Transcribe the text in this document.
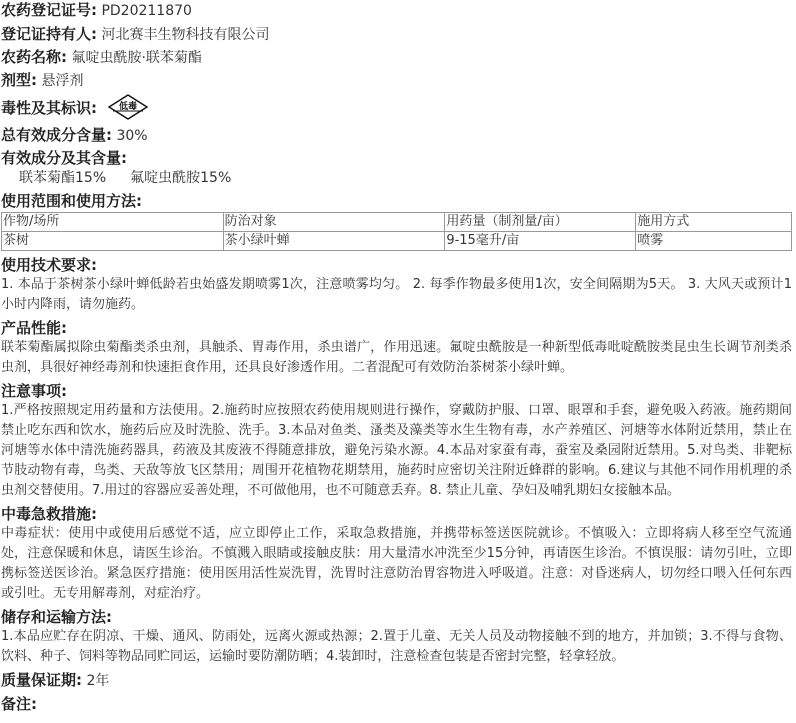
农药登记证号: PD20211870
登记证持有人: 河北赛丰生物科技有限公司
农药名称: 氟啶虫酰胺·联苯菊酯
剂型: 悬浮剂
毒性及其标识:	低毒
总有效成分含量: 30%
有效成分及其含量:
联苯菊酯15% 氟啶虫酰胺15%
使用范围和使用方法:
作物/场所	防治对象	用药量（制剂量/亩）	施用方式
茶树	茶小绿叶蝉	9-15毫升/亩	喷雾
使用技术要求:
1. 本品于茶树茶小绿叶蝉低龄若虫始盛发期喷雾1次，注意喷雾均匀。 2. 每季作物最多使用1次，安全间隔期为5天。 3. 大风天或预计1小时内降雨，请勿施药。
产品性能:
联苯菊酯属拟除虫菊酯类杀虫剂，具触杀、胃毒作用，杀虫谱广，作用迅速。氟啶虫酰胺是一种新型低毒吡啶酰胺类昆虫生长调节剂类杀虫剂，具很好神经毒剂和快速拒食作用，还具良好渗透作用。二者混配可有效防治茶树茶小绿叶蝉。
注意事项:
1.严格按照规定用药量和方法使用。2.施药时应按照农药使用规则进行操作，穿戴防护服、口罩、眼罩和手套，避免吸入药液。施药期间禁止吃东西和饮水，施药后应及时洗脸、洗手。3.本品对鱼类、溞类及藻类等水生生物有毒，水产养殖区、河塘等水体附近禁用，禁止在河塘等水体中清洗施药器具，药液及其废液不得随意排放，避免污染水源。4.本品对家蚕有毒，蚕室及桑园附近禁用。5.对鸟类、非靶标节肢动物有毒，鸟类、天敌等放飞区禁用；周围开花植物花期禁用，施药时应密切关注附近蜂群的影响。6.建议与其他不同作用机理的杀虫剂交替使用。7.用过的容器应妥善处理，不可做他用，也不可随意丢弃。8. 禁止儿童、孕妇及哺乳期妇女接触本品。
中毒急救措施:
中毒症状：使用中或使用后感觉不适，应立即停止工作，采取急救措施，并携带标签送医院就诊。不慎吸入：立即将病人移至空气流通处，注意保暖和休息，请医生诊治。不慎溅入眼睛或接触皮肤：用大量清水冲洗至少15分钟，再请医生诊治。不慎误服：请勿引吐，立即携标签送医诊治。紧急医疗措施：使用医用活性炭洗胃，洗胃时注意防治胃容物进入呼吸道。注意：对昏迷病人，切勿经口喂入任何东西或引吐。无专用解毒剂，对症治疗。
储存和运输方法:
1.本品应贮存在阴凉、干燥、通风、防雨处，远离火源或热源；2.置于儿童、无关人员及动物接触不到的地方，并加锁；3.不得与食物、饮料、种子、饲料等物品同贮同运，运输时要防潮防晒；4.装卸时，注意检查包装是否密封完整，轻拿轻放。
质量保证期: 2年
备注:
